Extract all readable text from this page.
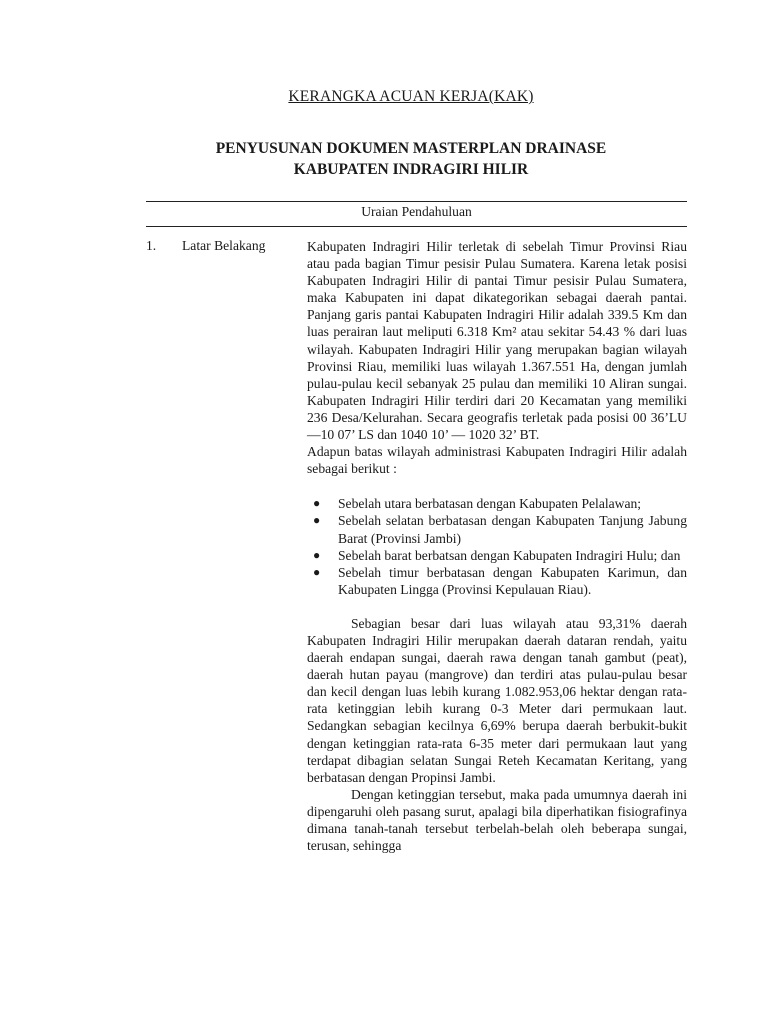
KERANGKA ACUAN KERJA(KAK)
PENYUSUNAN DOKUMEN MASTERPLAN DRAINASE
KABUPATEN INDRAGIRI HILIR
Uraian Pendahuluan
1. Latar Belakang	Kabupaten Indragiri Hilir terletak di sebelah Timur Provinsi Riau atau pada bagian Timur pesisir Pulau Sumatera. Karena letak posisi Kabupaten Indragiri Hilir di pantai Timur pesisir Pulau Sumatera, maka Kabupaten ini dapat dikategorikan sebagai daerah pantai. Panjang garis pantai Kabupaten Indragiri Hilir adalah 339.5 Km dan luas perairan laut meliputi 6.318 Km² atau sekitar 54.43 % dari luas wilayah. Kabupaten Indragiri Hilir yang merupakan bagian wilayah Provinsi Riau, memiliki luas wilayah 1.367.551 Ha, dengan jumlah pulau-pulau kecil sebanyak 25 pulau dan memiliki 10 Aliran sungai. Kabupaten Indragiri Hilir terdiri dari 20 Kecamatan yang memiliki 236 Desa/Kelurahan. Secara geografis terletak pada posisi 00 36’LU —10 07’ LS dan 1040 10’ — 1020 32’ BT.

Adapun batas wilayah administrasi Kabupaten Indragiri Hilir adalah sebagai berikut :

● Sebelah utara berbatasan dengan Kabupaten Pelalawan;
● Sebelah selatan berbatasan dengan Kabupaten Tanjung Jabung Barat (Provinsi Jambi)
● Sebelah barat berbatsan dengan Kabupaten Indragiri Hulu; dan
● Sebelah timur berbatasan dengan Kabupaten Karimun, dan Kabupaten Lingga (Provinsi Kepulauan Riau).

Sebagian besar dari luas wilayah atau 93,31% daerah Kabupaten Indragiri Hilir merupakan daerah dataran rendah, yaitu daerah endapan sungai, daerah rawa dengan tanah gambut (peat), daerah hutan payau (mangrove) dan terdiri atas pulau-pulau besar dan kecil dengan luas lebih kurang 1.082.953,06 hektar dengan rata-rata ketinggian lebih kurang 0-3 Meter dari permukaan laut. Sedangkan sebagian kecilnya 6,69% berupa daerah berbukit-bukit dengan ketinggian rata-rata 6-35 meter dari permukaan laut yang terdapat dibagian selatan Sungai Reteh Kecamatan Keritang, yang berbatasan dengan Propinsi Jambi.

Dengan ketinggian tersebut, maka pada umumnya daerah ini dipengaruhi oleh pasang surut, apalagi bila diperhatikan fisiografinya dimana tanah-tanah tersebut terbelah-belah oleh beberapa sungai, terusan, sehingga
